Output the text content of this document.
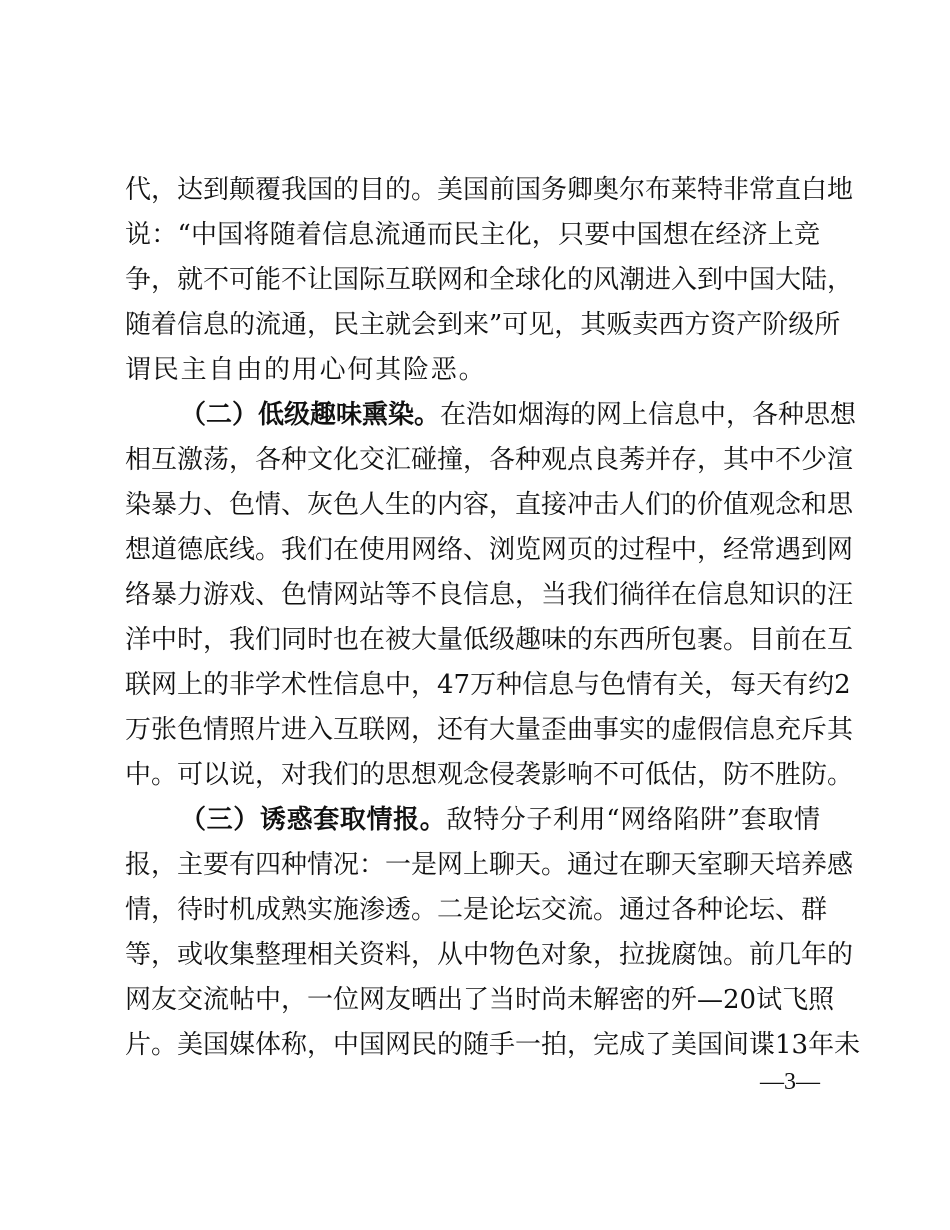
代，达到颠覆我国的目的。美国前国务卿奥尔布莱特非常直白地
说：“中国将随着信息流通而民主化，只要中国想在经济上竞
争，就不可能不让国际互联网和全球化的风潮进入到中国大陆，
随着信息的流通，民主就会到来”可见，其贩卖西方资产阶级所
谓民主自由的用心何其险恶。
（二）低级趣味熏染。在浩如烟海的网上信息中，各种思想
相互激荡，各种文化交汇碰撞，各种观点良莠并存，其中不少渲
染暴力、色情、灰色人生的内容，直接冲击人们的价值观念和思
想道德底线。我们在使用网络、浏览网页的过程中，经常遇到网
络暴力游戏、色情网站等不良信息，当我们徜徉在信息知识的汪
洋中时，我们同时也在被大量低级趣味的东西所包裹。目前在互
联网上的非学术性信息中，47万种信息与色情有关，每天有约2
万张色情照片进入互联网，还有大量歪曲事实的虚假信息充斥其
中。可以说，对我们的思想观念侵袭影响不可低估，防不胜防。
（三）诱惑套取情报。敌特分子利用“网络陷阱”套取情
报，主要有四种情况：一是网上聊天。通过在聊天室聊天培养感
情，待时机成熟实施渗透。二是论坛交流。通过各种论坛、群
等，或收集整理相关资料，从中物色对象，拉拢腐蚀。前几年的
网友交流帖中，一位网友晒出了当时尚未解密的歼—20试飞照
片。美国媒体称，中国网民的随手一拍，完成了美国间谍13年未
—3—
